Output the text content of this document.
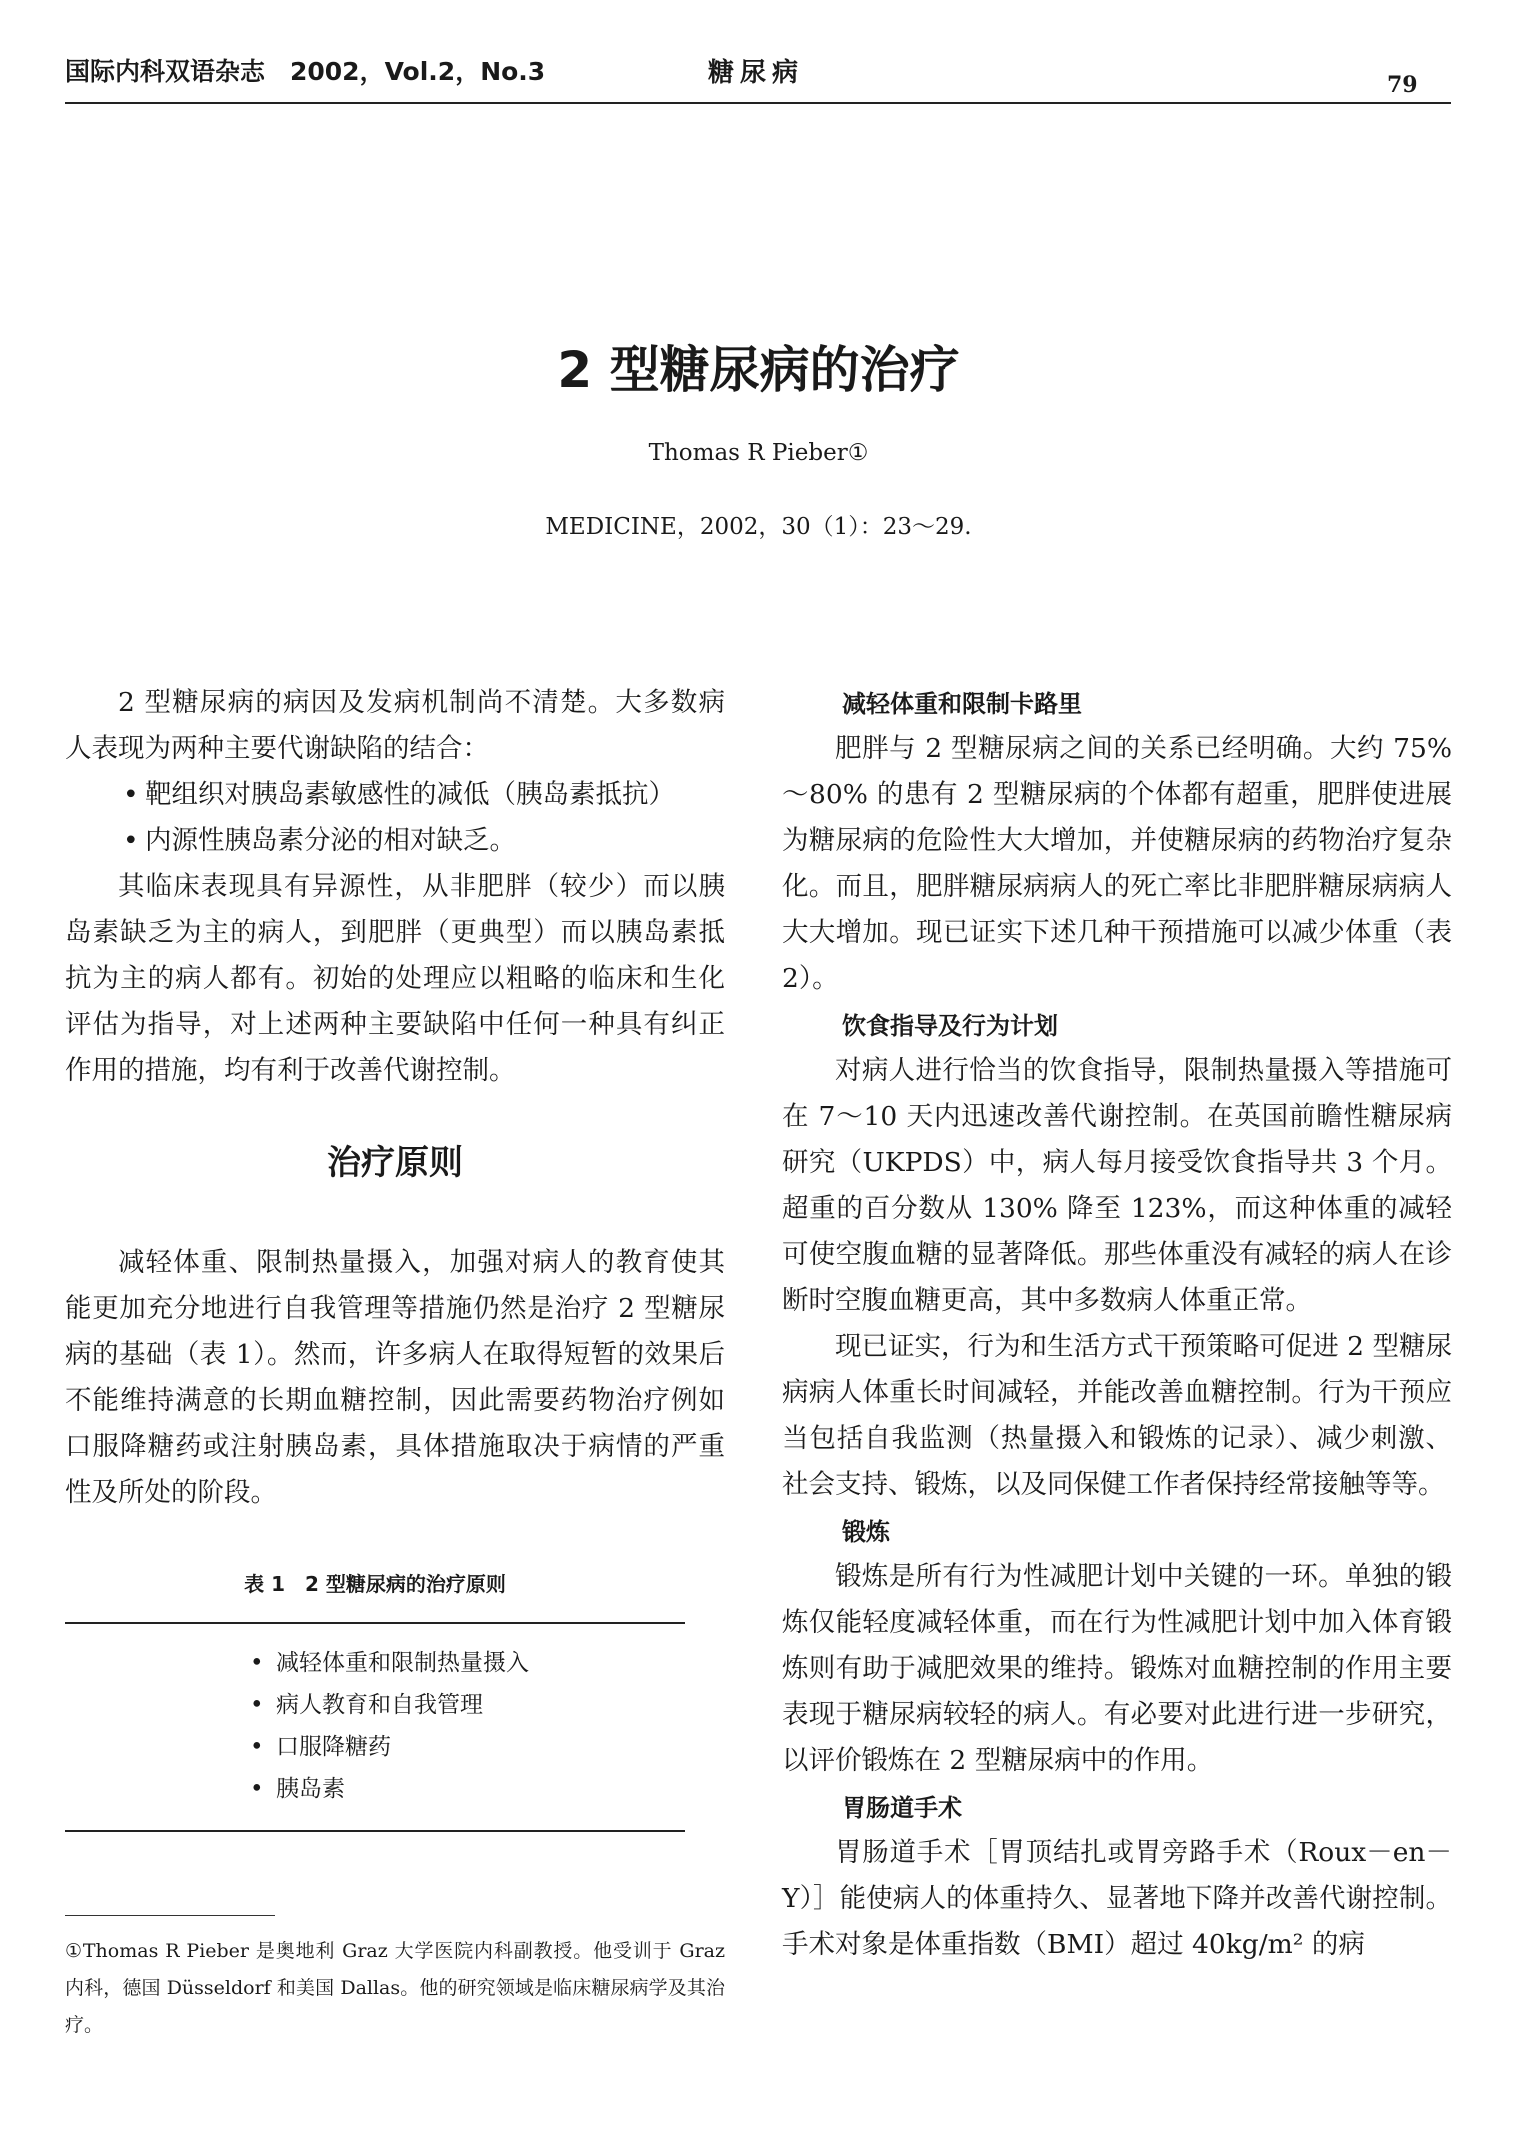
国际内科双语杂志　2002，Vol.2，No.3	糖尿病	79
2 型糖尿病的治疗
Thomas R Pieber①
MEDICINE，2002，30（1）：23～29.

2 型糖尿病的病因及发病机制尚不清楚。大多数病人表现为两种主要代谢缺陷的结合：

• 靶组织对胰岛素敏感性的减低（胰岛素抵抗）
• 内源性胰岛素分泌的相对缺乏。

其临床表现具有异源性，从非肥胖（较少）而以胰岛素缺乏为主的病人，到肥胖（更典型）而以胰岛素抵抗为主的病人都有。初始的处理应以粗略的临床和生化评估为指导，对上述两种主要缺陷中任何一种具有纠正作用的措施，均有利于改善代谢控制。

治疗原则

减轻体重、限制热量摄入，加强对病人的教育使其能更加充分地进行自我管理等措施仍然是治疗 2 型糖尿病的基础（表 1）。然而，许多病人在取得短暂的效果后不能维持满意的长期血糖控制，因此需要药物治疗例如口服降糖药或注射胰岛素，具体措施取决于病情的严重性及所处的阶段。

表 1　2 型糖尿病的治疗原则
• 减轻体重和限制热量摄入
• 病人教育和自我管理
• 口服降糖药
• 胰岛素
①Thomas R Pieber 是奥地利 Graz 大学医院内科副教授。他受训于 Graz 内科，德国 Düsseldorf 和美国 Dallas。他的研究领域是临床糖尿病学及其治疗。
减轻体重和限制卡路里

肥胖与 2 型糖尿病之间的关系已经明确。大约 75%～80% 的患有 2 型糖尿病的个体都有超重，肥胖使进展为糖尿病的危险性大大增加，并使糖尿病的药物治疗复杂化。而且，肥胖糖尿病病人的死亡率比非肥胖糖尿病病人大大增加。现已证实下述几种干预措施可以减少体重（表 2）。

饮食指导及行为计划

对病人进行恰当的饮食指导，限制热量摄入等措施可在 7～10 天内迅速改善代谢控制。在英国前瞻性糖尿病研究（UKPDS）中，病人每月接受饮食指导共 3 个月。超重的百分数从 130% 降至 123%，而这种体重的减轻可使空腹血糖的显著降低。那些体重没有减轻的病人在诊断时空腹血糖更高，其中多数病人体重正常。

现已证实，行为和生活方式干预策略可促进 2 型糖尿病病人体重长时间减轻，并能改善血糖控制。行为干预应当包括自我监测（热量摄入和锻炼的记录）、减少刺激、社会支持、锻炼，以及同保健工作者保持经常接触等等。

锻炼

锻炼是所有行为性减肥计划中关键的一环。单独的锻炼仅能轻度减轻体重，而在行为性减肥计划中加入体育锻炼则有助于减肥效果的维持。锻炼对血糖控制的作用主要表现于糖尿病较轻的病人。有必要对此进行进一步研究，以评价锻炼在 2 型糖尿病中的作用。

胃肠道手术

胃肠道手术［胃顶结扎或胃旁路手术（Roux－en－Y）］能使病人的体重持久、显著地下降并改善代谢控制。手术对象是体重指数（BMI）超过 40kg/m² 的病
